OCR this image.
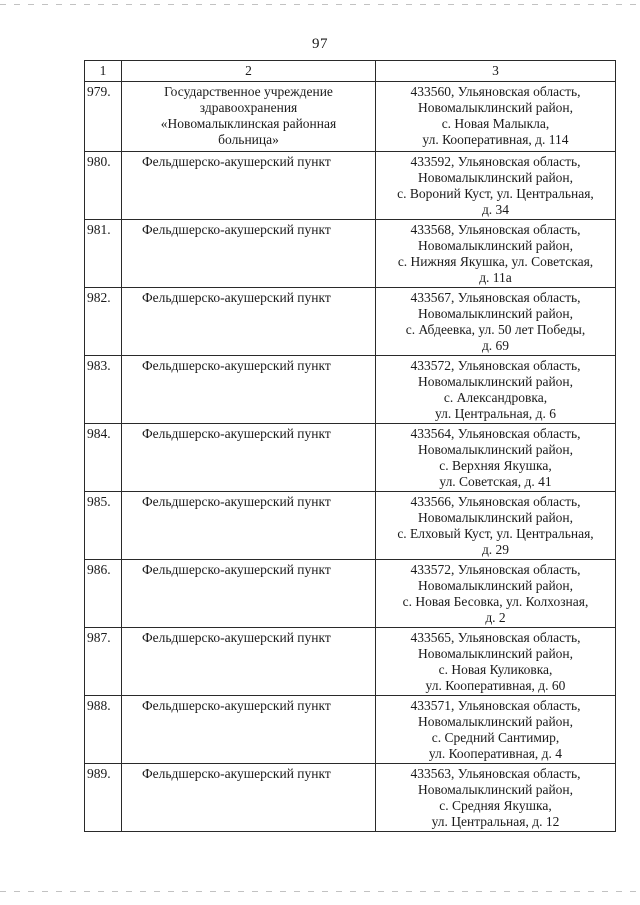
97
1	2	3
979.	Государственное учреждение
здравоохранения
«Новомалыклинская районная
больница»	433560, Ульяновская область,
Новомалыклинский район,
с. Новая Малыкла,
ул. Кооперативная, д. 114

980.	Фельдшерско-акушерский пункт	433592, Ульяновская область,
Новомалыклинский район,
с. Вороний Куст, ул. Центральная,
д. 34

981.	Фельдшерско-акушерский пункт	433568, Ульяновская область,
Новомалыклинский район,
с. Нижняя Якушка, ул. Советская,
д. 11а

982.	Фельдшерско-акушерский пункт	433567, Ульяновская область,
Новомалыклинский район,
с. Абдеевка, ул. 50 лет Победы,
д. 69

983.	Фельдшерско-акушерский пункт	433572, Ульяновская область,
Новомалыклинский район,
с. Александровка,
ул. Центральная, д. 6

984.	Фельдшерско-акушерский пункт	433564, Ульяновская область,
Новомалыклинский район,
с. Верхняя Якушка,
ул. Советская, д. 41

985.	Фельдшерско-акушерский пункт	433566, Ульяновская область,
Новомалыклинский район,
с. Елховый Куст, ул. Центральная,
д. 29

986.	Фельдшерско-акушерский пункт	433572, Ульяновская область,
Новомалыклинский район,
с. Новая Бесовка, ул. Колхозная,
д. 2

987.	Фельдшерско-акушерский пункт	433565, Ульяновская область,
Новомалыклинский район,
с. Новая Куликовка,
ул. Кооперативная, д. 60

988.	Фельдшерско-акушерский пункт	433571, Ульяновская область,
Новомалыклинский район,
с. Средний Сантимир,
ул. Кооперативная, д. 4

989.	Фельдшерско-акушерский пункт	433563, Ульяновская область,
Новомалыклинский район,
с. Средняя Якушка,
ул. Центральная, д. 12
